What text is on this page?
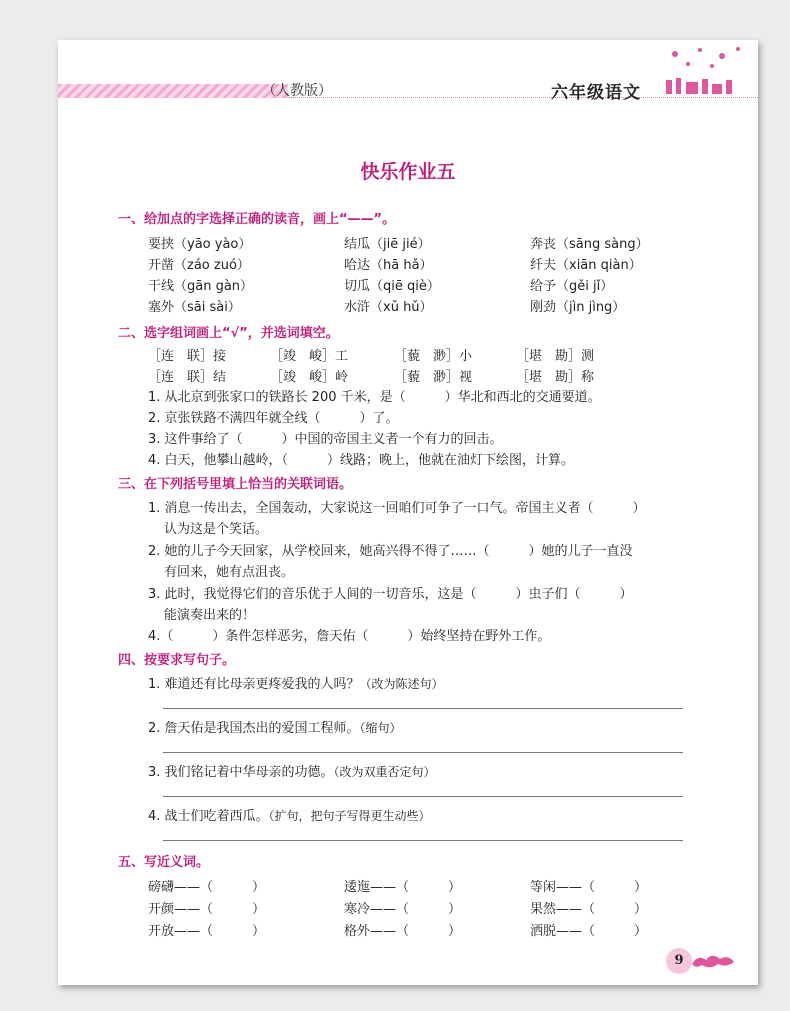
（人教版）	六年级语文
快乐作业五
一、给加点的字选择正确的读音，画上“——”。
要挟（yāo yào）	结瓜（jiē jié）	奔丧（sāng sàng）
开凿（záo zuó）	哈达（hā hǎ）	纤夫（xiān qiàn）
干线（gān gàn）	切瓜（qiē qiè）	给予（gěi jǐ）
塞外（sāi sài）	水浒（xǔ hǔ）	刚劲（jìn jìng）
二、选字组词画上“√”，并选词填空。
［连　联］接	［竣　峻］工	［藐　渺］小	［堪　勘］测
［连　联］结	［竣　峻］岭	［藐　渺］视	［堪　勘］称
1. 从北京到张家口的铁路长 200 千米，是（　　　）华北和西北的交通要道。
2. 京张铁路不满四年就全线（　　　）了。
3. 这件事给了（　　　）中国的帝国主义者一个有力的回击。
4. 白天，他攀山越岭，（　　　）线路；晚上，他就在油灯下绘图，计算。
三、在下列括号里填上恰当的关联词语。
1. 消息一传出去，全国轰动，大家说这一回咱们可争了一口气。帝国主义者（　　　）
认为这是个笑话。
2. 她的儿子今天回家，从学校回来，她高兴得不得了……（　　　）她的儿子一直没
有回来，她有点沮丧。
3. 此时，我觉得它们的音乐优于人间的一切音乐，这是（　　　）虫子们（　　　）
能演奏出来的！
4.（　　　）条件怎样恶劣，詹天佑（　　　）始终坚持在野外工作。
四、按要求写句子。
1. 难道还有比母亲更疼爱我的人吗？（改为陈述句）
2. 詹天佑是我国杰出的爱国工程师。（缩句）
3. 我们铭记着中华母亲的功德。（改为双重否定句）
4. 战士们吃着西瓜。（扩句，把句子写得更生动些）
五、写近义词。
磅礴——（　　　）	逶迤——（　　　）	等闲——（　　　）
开颜——（　　　）	寒冷——（　　　）	果然——（　　　）
开放——（　　　）	格外——（　　　）	洒脱——（　　　）
9
